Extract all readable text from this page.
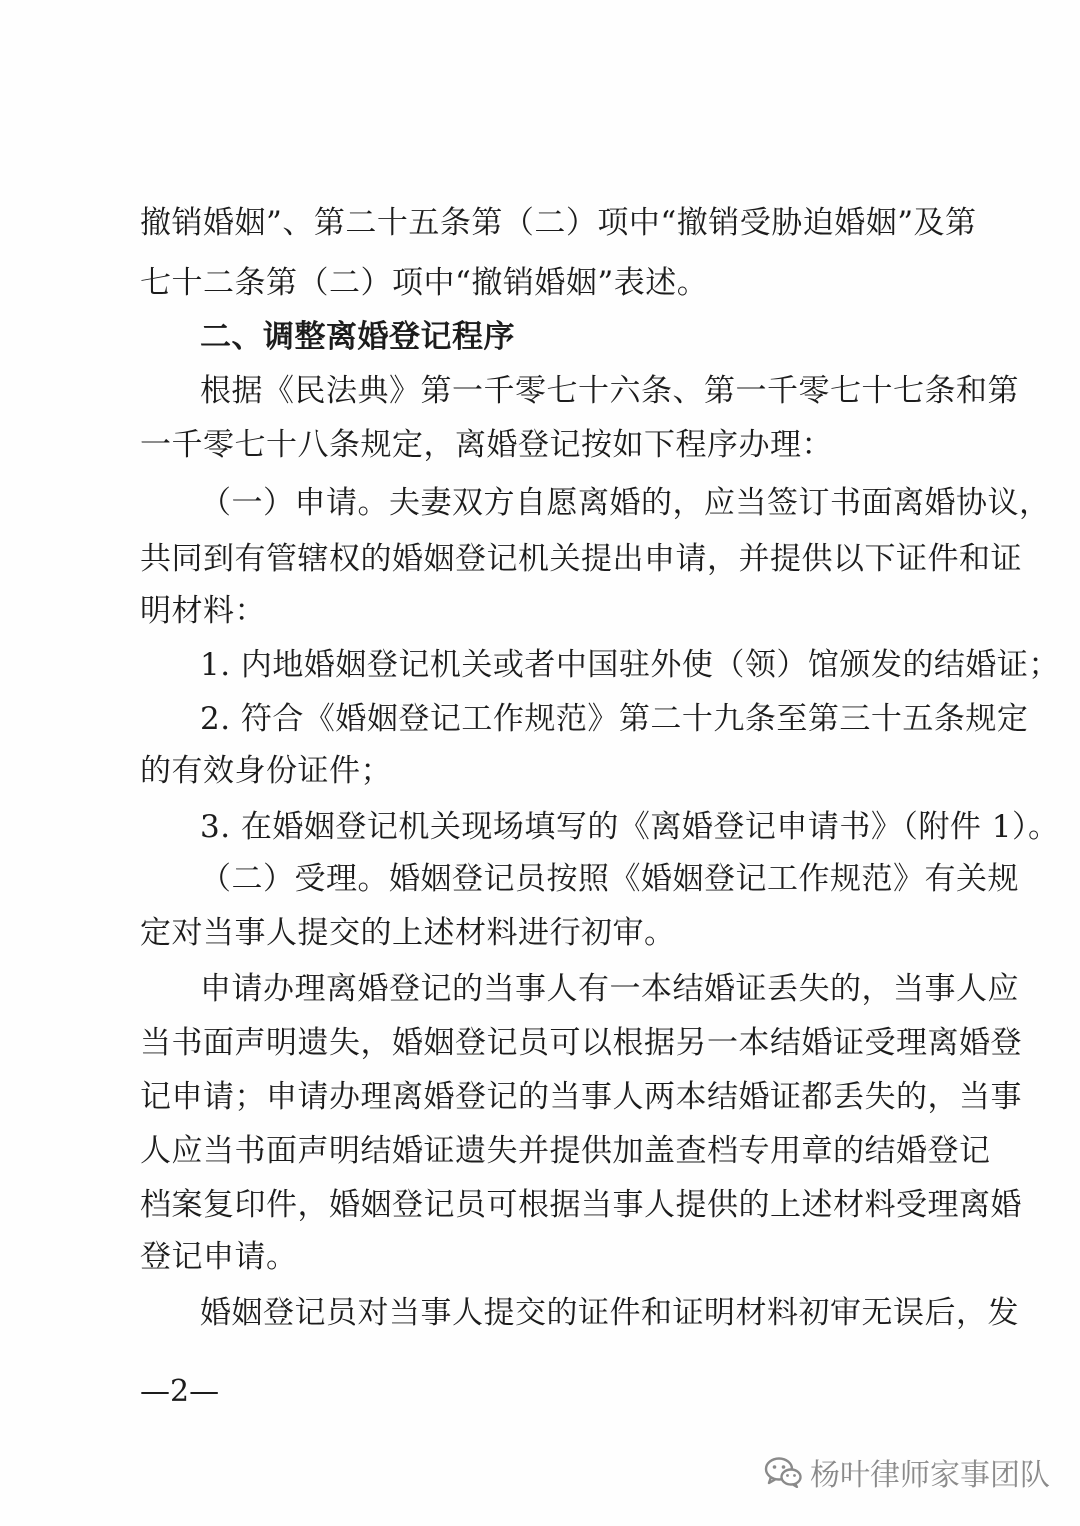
撤销婚姻”、第二十五条第（二）项中“撤销受胁迫婚姻”及第
七十二条第（二）项中“撤销婚姻”表述。
二、调整离婚登记程序
根据《民法典》第一千零七十六条、第一千零七十七条和第
一千零七十八条规定，离婚登记按如下程序办理：
（一）申请。夫妻双方自愿离婚的，应当签订书面离婚协议，
共同到有管辖权的婚姻登记机关提出申请，并提供以下证件和证
明材料：
1. 内地婚姻登记机关或者中国驻外使（领）馆颁发的结婚证；
2. 符合《婚姻登记工作规范》第二十九条至第三十五条规定
的有效身份证件；
3. 在婚姻登记机关现场填写的《离婚登记申请书》（附件 1）。
（二）受理。婚姻登记员按照《婚姻登记工作规范》有关规
定对当事人提交的上述材料进行初审。
申请办理离婚登记的当事人有一本结婚证丢失的，当事人应
当书面声明遗失，婚姻登记员可以根据另一本结婚证受理离婚登
记申请；申请办理离婚登记的当事人两本结婚证都丢失的，当事
人应当书面声明结婚证遗失并提供加盖查档专用章的结婚登记
档案复印件，婚姻登记员可根据当事人提供的上述材料受理离婚
登记申请。
婚姻登记员对当事人提交的证件和证明材料初审无误后，发
—2—
杨叶律师家事团队
